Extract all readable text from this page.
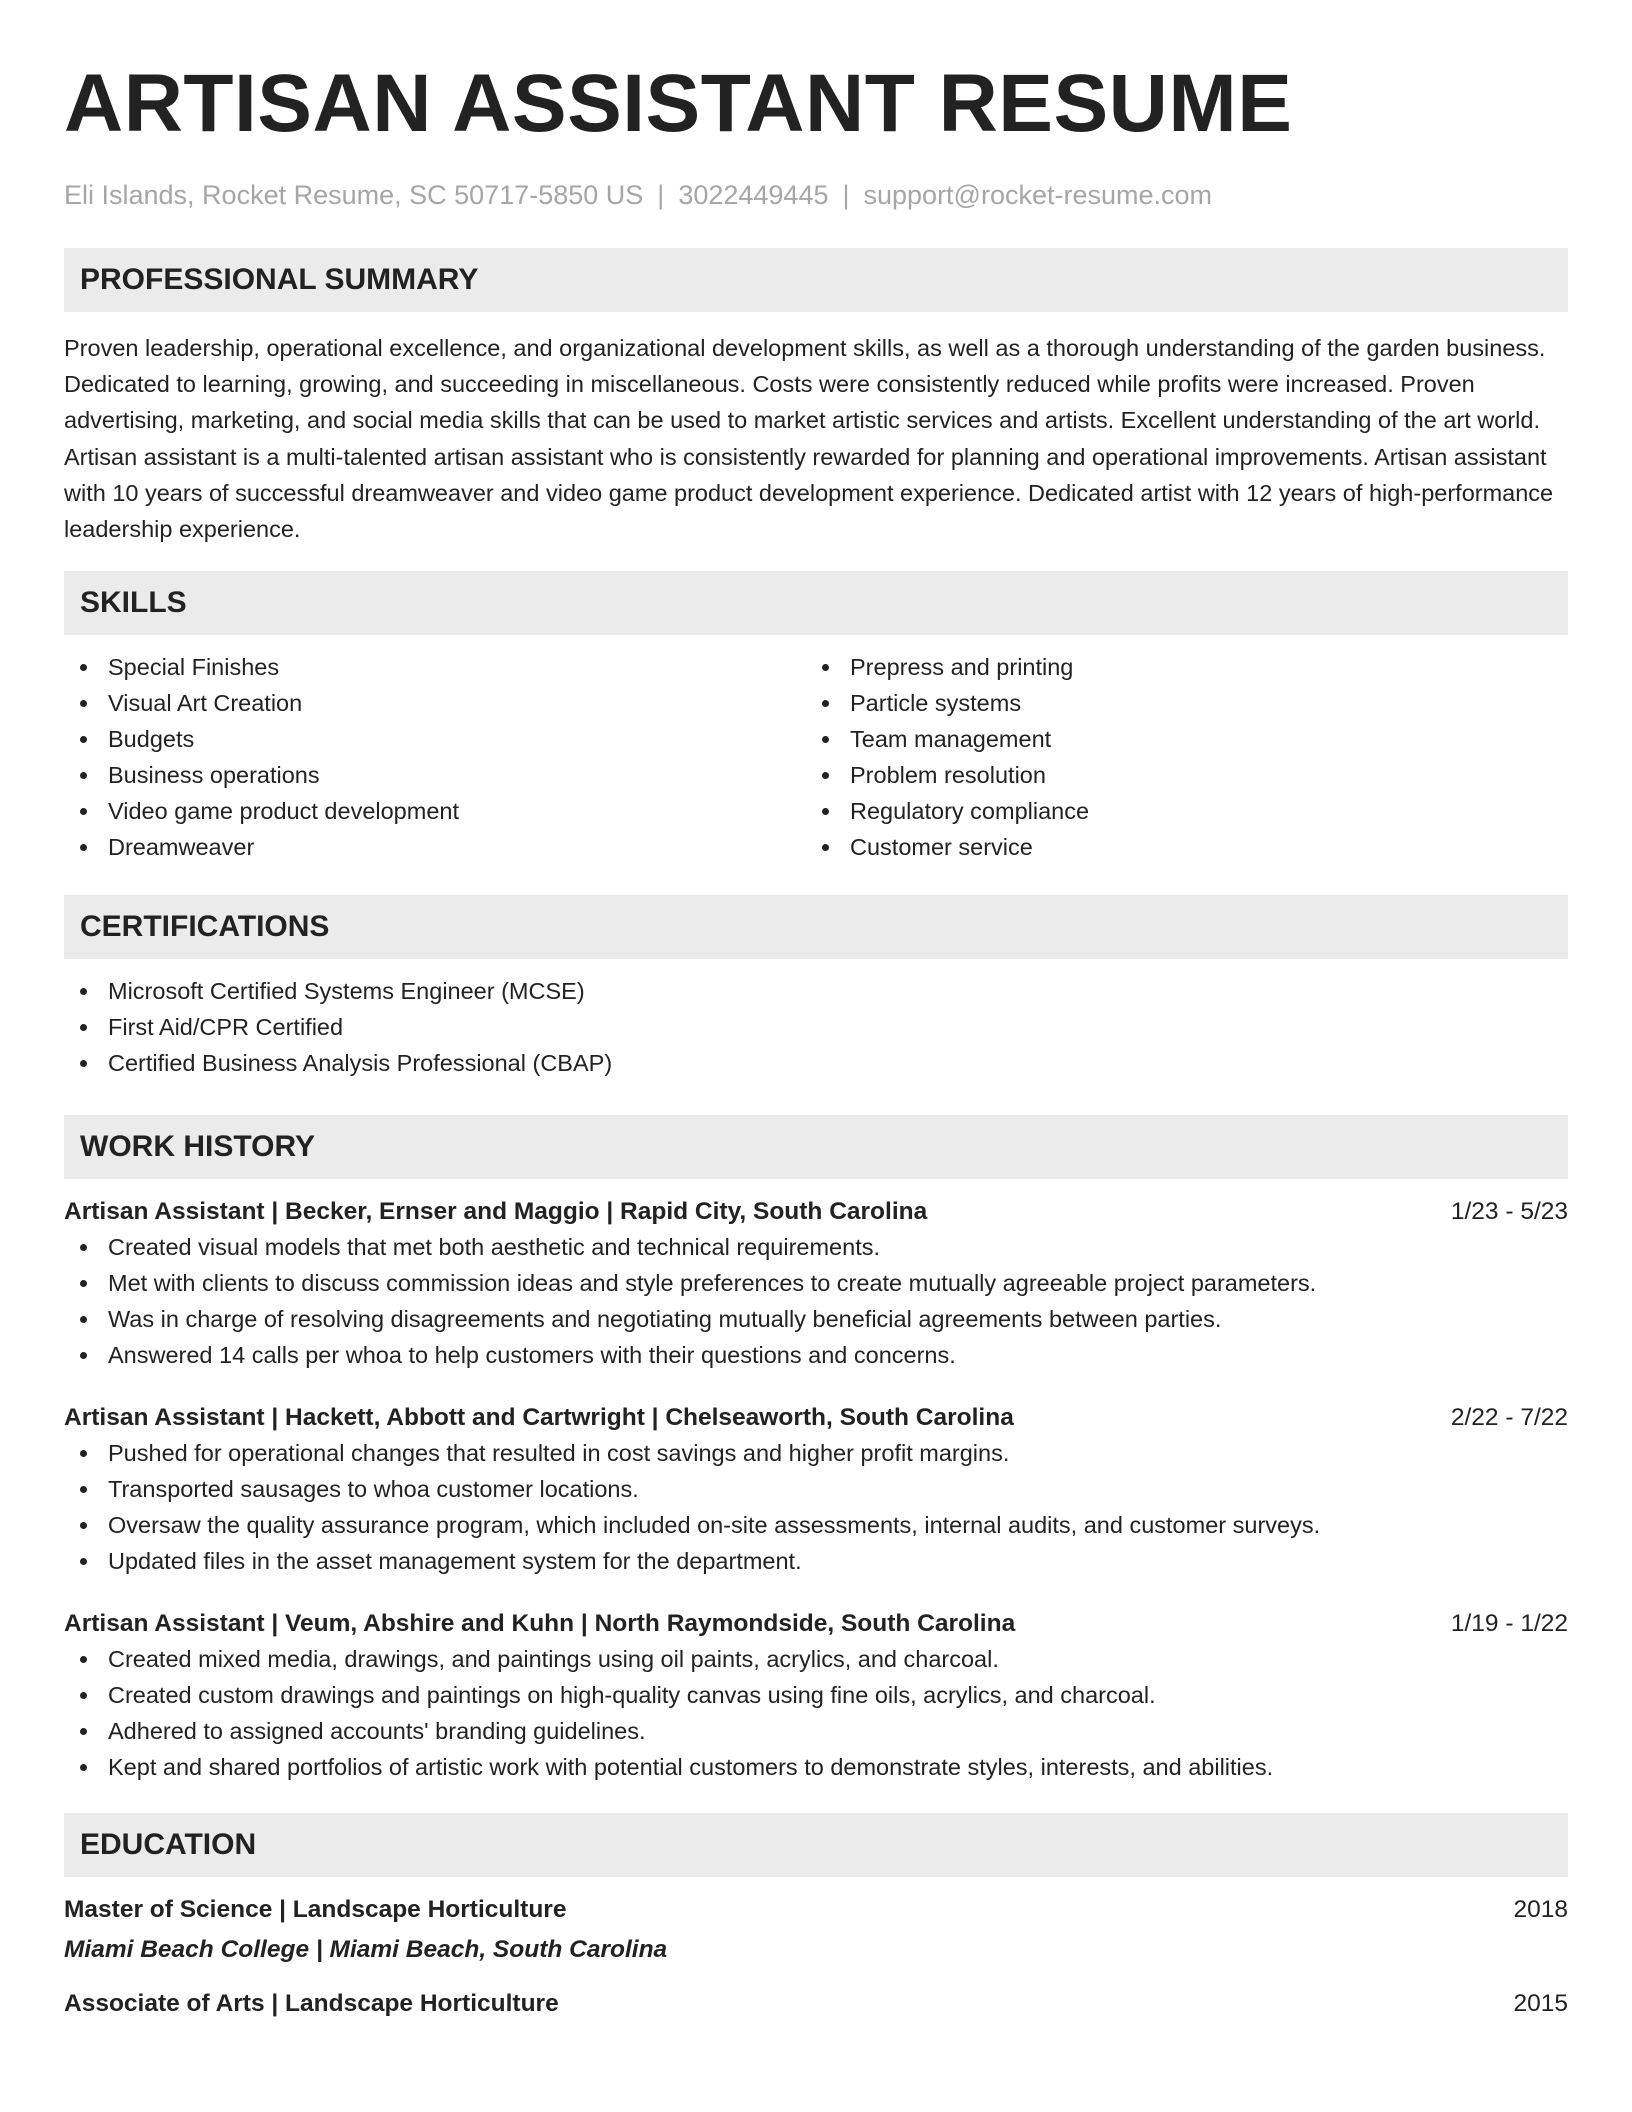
ARTISAN ASSISTANT RESUME
Eli Islands, Rocket Resume, SC 50717-5850 US | 3022449445 | support@rocket-resume.com
PROFESSIONAL SUMMARY
Proven leadership, operational excellence, and organizational development skills, as well as a thorough understanding of the garden business. Dedicated to learning, growing, and succeeding in miscellaneous. Costs were consistently reduced while profits were increased. Proven advertising, marketing, and social media skills that can be used to market artistic services and artists. Excellent understanding of the art world. Artisan assistant is a multi-talented artisan assistant who is consistently rewarded for planning and operational improvements. Artisan assistant with 10 years of successful dreamweaver and video game product development experience. Dedicated artist with 12 years of high-performance leadership experience.
SKILLS
Special Finishes
Visual Art Creation
Budgets
Business operations
Video game product development
Dreamweaver
Prepress and printing
Particle systems
Team management
Problem resolution
Regulatory compliance
Customer service
CERTIFICATIONS
Microsoft Certified Systems Engineer (MCSE)
First Aid/CPR Certified
Certified Business Analysis Professional (CBAP)
WORK HISTORY
Artisan Assistant | Becker, Ernser and Maggio | Rapid City, South Carolina	1/23 - 5/23
Created visual models that met both aesthetic and technical requirements.
Met with clients to discuss commission ideas and style preferences to create mutually agreeable project parameters.
Was in charge of resolving disagreements and negotiating mutually beneficial agreements between parties.
Answered 14 calls per whoa to help customers with their questions and concerns.
Artisan Assistant | Hackett, Abbott and Cartwright | Chelseaworth, South Carolina	2/22 - 7/22
Pushed for operational changes that resulted in cost savings and higher profit margins.
Transported sausages to whoa customer locations.
Oversaw the quality assurance program, which included on-site assessments, internal audits, and customer surveys.
Updated files in the asset management system for the department.
Artisan Assistant | Veum, Abshire and Kuhn | North Raymondside, South Carolina	1/19 - 1/22
Created mixed media, drawings, and paintings using oil paints, acrylics, and charcoal.
Created custom drawings and paintings on high-quality canvas using fine oils, acrylics, and charcoal.
Adhered to assigned accounts' branding guidelines.
Kept and shared portfolios of artistic work with potential customers to demonstrate styles, interests, and abilities.
EDUCATION
Master of Science | Landscape Horticulture	2018
Miami Beach College | Miami Beach, South Carolina
Associate of Arts | Landscape Horticulture	2015
